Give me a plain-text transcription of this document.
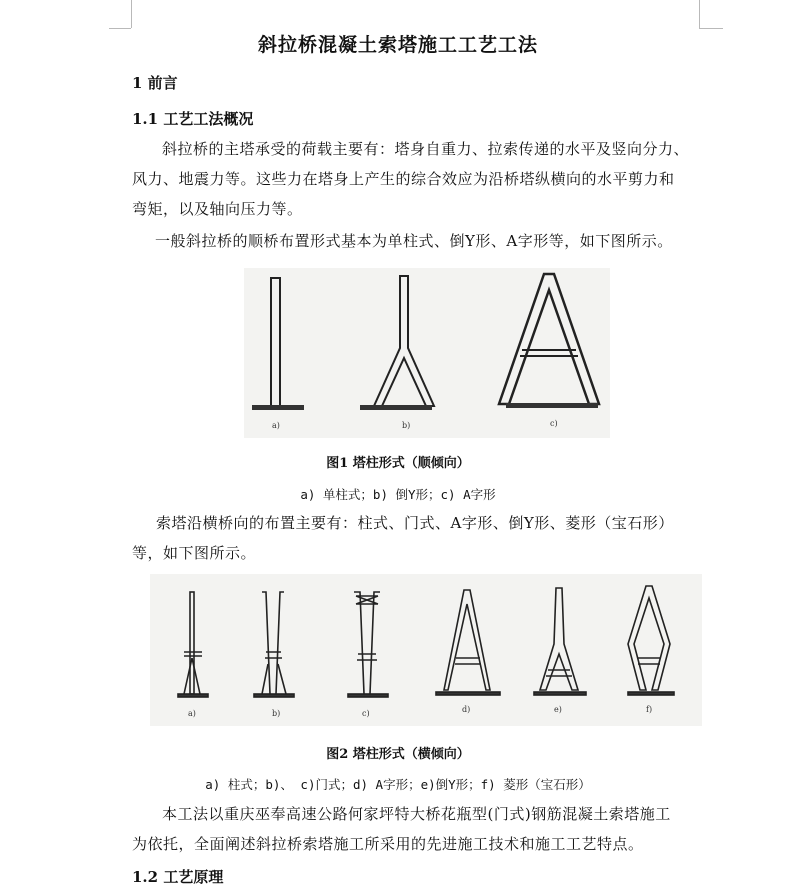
斜拉桥混凝土索塔施工工艺工法
1 前言
1.1 工艺工法概况
斜拉桥的主塔承受的荷载主要有：塔身自重力、拉索传递的水平及竖向分力、
风力、地震力等。这些力在塔身上产生的综合效应为沿桥塔纵横向的水平剪力和
弯矩，以及轴向压力等。
一般斜拉桥的顺桥布置形式基本为单柱式、倒Y形、A字形等，如下图所示。
a)	b)	c)
图1 塔柱形式（顺倾向）
a) 单柱式；b) 倒Y形；c) A字形
索塔沿横桥向的布置主要有：柱式、门式、A字形、倒Y形、菱形（宝石形）
等，如下图所示。
a)	b)	c)	d)	e)	f)
图2 塔柱形式（横倾向）
a) 柱式；b)、 c)门式；d) A字形；e)倒Y形；f) 菱形（宝石形）
本工法以重庆巫奉高速公路何家坪特大桥花瓶型(门式)钢筋混凝土索塔施工
为依托，全面阐述斜拉桥索塔施工所采用的先进施工技术和施工工艺特点。
1.2 工艺原理
